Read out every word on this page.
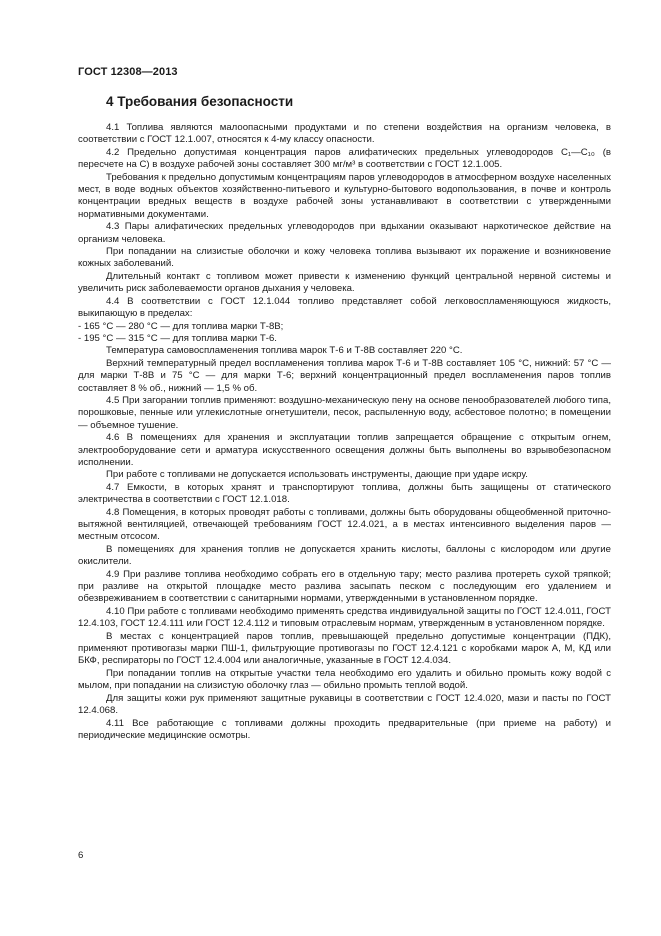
ГОСТ 12308—2013
4 Требования безопасности

4.1 Топлива являются малоопасными продуктами и по степени воздействия на организм человека, в соответствии с ГОСТ 12.1.007, относятся к 4-му классу опасности.

4.2 Предельно допустимая концентрация паров алифатических предельных углеводородов C₁—C₁₀ (в пересчете на С) в воздухе рабочей зоны составляет 300 мг/м³ в соответствии с ГОСТ 12.1.005.

Требования к предельно допустимым концентрациям паров углеводородов в атмосферном воздухе населенных мест, в воде водных объектов хозяйственно-питьевого и культурно-бытового водопользования, в почве и контроль концентрации вредных веществ в воздухе рабочей зоны устанавливают в соответствии с утвержденными нормативными документами.

4.3 Пары алифатических предельных углеводородов при вдыхании оказывают наркотическое действие на организм человека.

При попадании на слизистые оболочки и кожу человека топлива вызывают их поражение и возникновение кожных заболеваний.

Длительный контакт с топливом может привести к изменению функций центральной нервной системы и увеличить риск заболеваемости органов дыхания у человека.

4.4 В соответствии с ГОСТ 12.1.044 топливо представляет собой легковоспламеняющуюся жидкость, выкипающую в пределах:

- 165 °С — 280 °С — для топлива марки Т-8В;

- 195 °С — 315 °С — для топлива марки Т-6.

Температура самовоспламенения топлива марок Т-6 и Т-8В составляет 220 °С.

Верхний температурный предел воспламенения топлива марок Т-6 и Т-8В составляет 105 °С, нижний: 57 °С — для марки Т-8В и 75 °С — для марки Т-6; верхний концентрационный предел воспламенения паров топлив составляет 8 % об., нижний — 1,5 % об.

4.5 При загорании топлив применяют: воздушно-механическую пену на основе пенообразователей любого типа, порошковые, пенные или углекислотные огнетушители, песок, распыленную воду, асбестовое полотно; в помещении — объемное тушение.

4.6 В помещениях для хранения и эксплуатации топлив запрещается обращение с открытым огнем, электрооборудование сети и арматура искусственного освещения должны быть выполнены во взрывобезопасном исполнении.

При работе с топливами не допускается использовать инструменты, дающие при ударе искру.

4.7 Емкости, в которых хранят и транспортируют топлива, должны быть защищены от статического электричества в соответствии с ГОСТ 12.1.018.

4.8 Помещения, в которых проводят работы с топливами, должны быть оборудованы общеобменной приточно-вытяжной вентиляцией, отвечающей требованиям ГОСТ 12.4.021, а в местах интенсивного выделения паров — местным отсосом.

В помещениях для хранения топлив не допускается хранить кислоты, баллоны с кислородом или другие окислители.

4.9 При разливе топлива необходимо собрать его в отдельную тару; место разлива протереть сухой тряпкой; при разливе на открытой площадке место разлива засыпать песком с последующим его удалением и обезвреживанием в соответствии с санитарными нормами, утвержденными в установленном порядке.

4.10 При работе с топливами необходимо применять средства индивидуальной защиты по ГОСТ 12.4.011, ГОСТ 12.4.103, ГОСТ 12.4.111 или ГОСТ 12.4.112 и типовым отраслевым нормам, утвержденным в установленном порядке.

В местах с концентрацией паров топлив, превышающей предельно допустимые концентрации (ПДК), применяют противогазы марки ПШ-1, фильтрующие противогазы по ГОСТ 12.4.121 с коробками марок А, М, КД или БКФ, респираторы по ГОСТ 12.4.004 или аналогичные, указанные в ГОСТ 12.4.034.

При попадании топлив на открытые участки тела необходимо его удалить и обильно промыть кожу водой с мылом, при попадании на слизистую оболочку глаз — обильно промыть теплой водой.

Для защиты кожи рук применяют защитные рукавицы в соответствии с ГОСТ 12.4.020, мази и пасты по ГОСТ 12.4.068.

4.11 Все работающие с топливами должны проходить предварительные (при приеме на работу) и периодические медицинские осмотры.

6
